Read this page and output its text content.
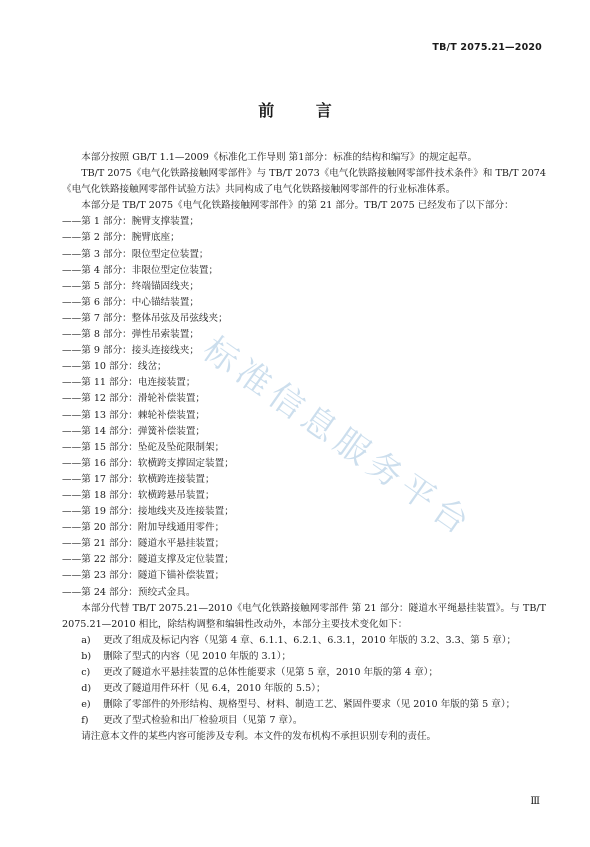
TB/T 2075.21—2020
前 言

本部分按照 GB/T 1.1—2009《标准化工作导则 第1部分：标准的结构和编写》的规定起草。

TB/T 2075《电气化铁路接触网零部件》与 TB/T 2073《电气化铁路接触网零部件技术条件》和 TB/T 2074《电气化铁路接触网零部件试验方法》共同构成了电气化铁路接触网零部件的行业标准体系。

本部分是 TB/T 2075《电气化铁路接触网零部件》的第 21 部分。TB/T 2075 已经发布了以下部分：

——第 1 部分：腕臂支撑装置；
——第 2 部分：腕臂底座；
——第 3 部分：限位型定位装置；
——第 4 部分：非限位型定位装置；
——第 5 部分：终端锚固线夹；
——第 6 部分：中心锚结装置；
——第 7 部分：整体吊弦及吊弦线夹；
——第 8 部分：弹性吊索装置；
——第 9 部分：接头连接线夹；
——第 10 部分：线岔；
——第 11 部分：电连接装置；
——第 12 部分：滑轮补偿装置；
——第 13 部分：棘轮补偿装置；
——第 14 部分：弹簧补偿装置；
——第 15 部分：坠砣及坠砣限制架；
——第 16 部分：软横跨支撑固定装置；
——第 17 部分：软横跨连接装置；
——第 18 部分：软横跨悬吊装置；
——第 19 部分：接地线夹及连接装置；
——第 20 部分：附加导线通用零件；
——第 21 部分：隧道水平悬挂装置；
——第 22 部分：隧道支撑及定位装置；
——第 23 部分：隧道下锚补偿装置；
——第 24 部分：预绞式金具。

本部分代替 TB/T 2075.21—2010《电气化铁路接触网零部件 第 21 部分：隧道水平绳悬挂装置》。与 TB/T 2075.21—2010 相比，除结构调整和编辑性改动外，本部分主要技术变化如下：

a) 更改了组成及标记内容（见第 4 章、6.1.1、6.2.1、6.3.1，2010 年版的 3.2、3.3、第 5 章）；
b) 删除了型式的内容（见 2010 年版的 3.1）；
c) 更改了隧道水平悬挂装置的总体性能要求（见第 5 章，2010 年版的第 4 章）；
d) 更改了隧道用件环杆（见 6.4，2010 年版的 5.5）；
e) 删除了零部件的外形结构、规格型号、材料、制造工艺、紧固件要求（见 2010 年版的第 5 章）；
f) 更改了型式检验和出厂检验项目（见第 7 章）。

请注意本文件的某些内容可能涉及专利。本文件的发布机构不承担识别专利的责任。

标准信息服务平台
Ⅲ
